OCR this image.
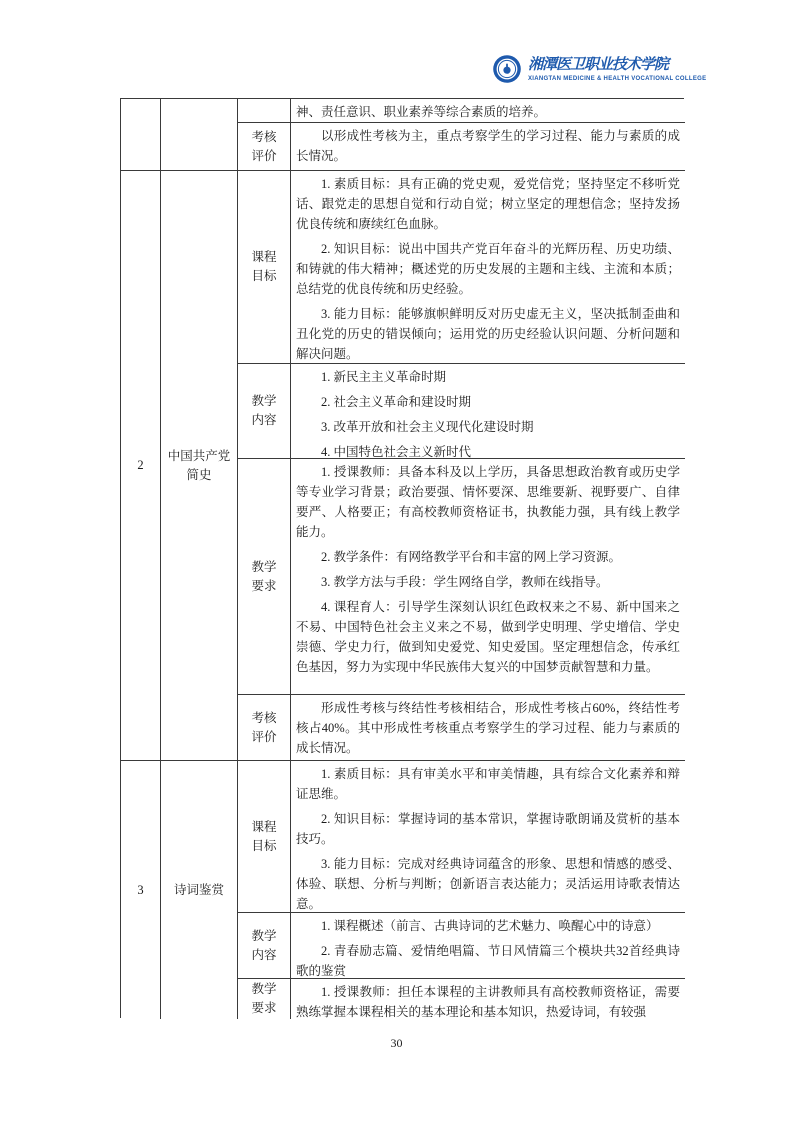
湘潭医卫职业技术学院
XIANGTAN MEDICINE & HEALTH VOCATIONAL COLLEGE

神、责任意识、职业素养等综合素质的培养。

考核评价

以形成性考核为主，重点考察学生的学习过程、能力与素质的成长情况。

2
中国共产党简史
课程目标

1. 素质目标：具有正确的党史观，爱党信党；坚持坚定不移听党话、跟党走的思想自觉和行动自觉；树立坚定的理想信念；坚持发扬优良传统和赓续红色血脉。

2. 知识目标：说出中国共产党百年奋斗的光辉历程、历史功绩、和铸就的伟大精神；概述党的历史发展的主题和主线、主流和本质；总结党的优良传统和历史经验。

3. 能力目标：能够旗帜鲜明反对历史虚无主义，坚决抵制歪曲和丑化党的历史的错误倾向；运用党的历史经验认识问题、分析问题和解决问题。

教学内容

1. 新民主主义革命时期

2. 社会主义革命和建设时期

3. 改革开放和社会主义现代化建设时期

4. 中国特色社会主义新时代

教学要求

1. 授课教师：具备本科及以上学历，具备思想政治教育或历史学等专业学习背景；政治要强、情怀要深、思维要新、视野要广、自律要严、人格要正；有高校教师资格证书，执教能力强，具有线上教学能力。

2. 教学条件：有网络教学平台和丰富的网上学习资源。

3. 教学方法与手段：学生网络自学，教师在线指导。

4. 课程育人：引导学生深刻认识红色政权来之不易、新中国来之不易、中国特色社会主义来之不易，做到学史明理、学史增信、学史崇德、学史力行，做到知史爱党、知史爱国。坚定理想信念，传承红色基因，努力为实现中华民族伟大复兴的中国梦贡献智慧和力量。

考核评价

形成性考核与终结性考核相结合，形成性考核占60%，终结性考核占40%。其中形成性考核重点考察学生的学习过程、能力与素质的成长情况。

3 诗词鉴赏
课程目标

1. 素质目标：具有审美水平和审美情趣，具有综合文化素养和辩证思维。

2. 知识目标：掌握诗词的基本常识，掌握诗歌朗诵及赏析的基本技巧。

3. 能力目标：完成对经典诗词蕴含的形象、思想和情感的感受、体验、联想、分析与判断；创新语言表达能力；灵活运用诗歌表情达意。

教学内容

1. 课程概述（前言、古典诗词的艺术魅力、唤醒心中的诗意）

2. 青春励志篇、爱情绝唱篇、节日风情篇三个模块共32首经典诗歌的鉴赏

教学要求

1. 授课教师：担任本课程的主讲教师具有高校教师资格证，需要熟练掌握本课程相关的基本理论和基本知识，热爱诗词，有较强

30
